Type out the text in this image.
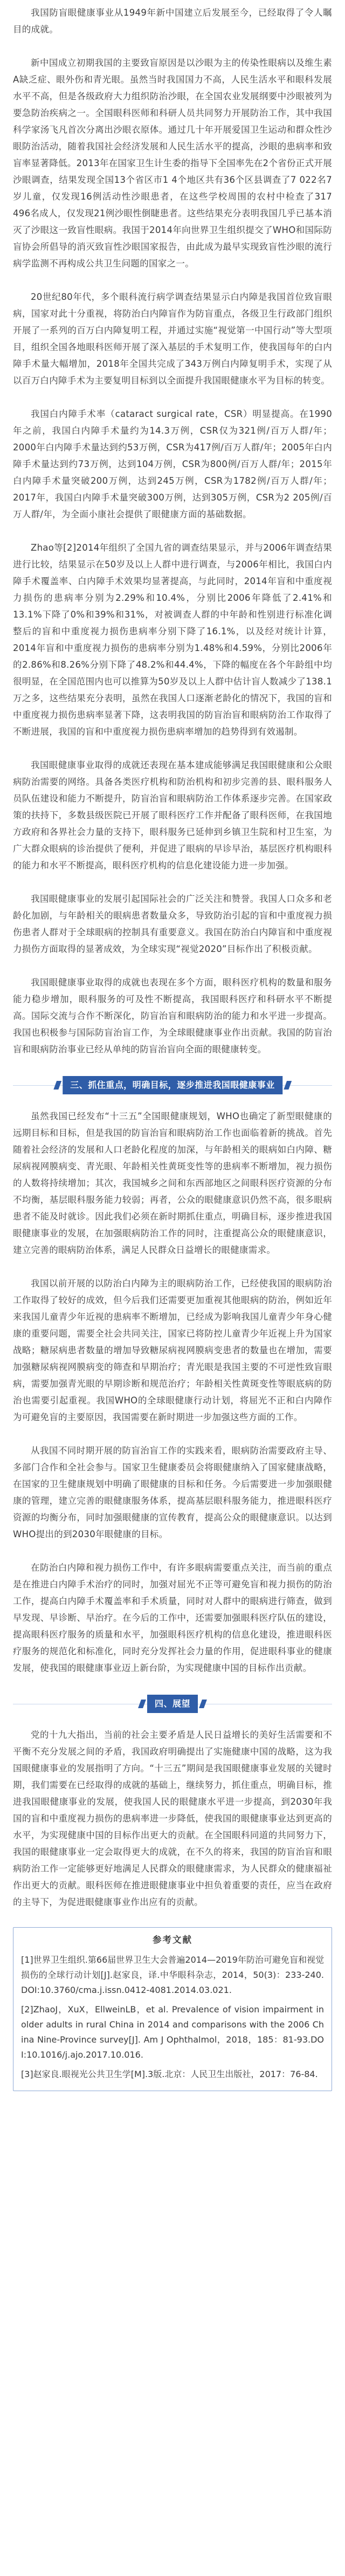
我国防盲眼健康事业从1949年新中国建立后发展至今，已经取得了令人瞩目的成就。

新中国成立初期我国的主要致盲原因是以沙眼为主的传染性眼病以及维生素A缺乏症、眼外伤和青光眼。虽然当时我国国力不高，人民生活水平和眼科发展水平不高，但是各级政府大力组织防治沙眼，在全国农业发展纲要中沙眼被列为要急防治疾病之一。全国眼科医师和科研人员共同努力开展防治工作，其中我国科学家汤飞凡首次分离出沙眼衣原体。通过几十年开展爱国卫生运动和群众性沙眼防治活动，随着我国社会经济发展和人民生活水平的提高，沙眼的患病率和致盲率显著降低。2013年在国家卫生计生委的指导下全国率先在2个省份正式开展沙眼调查，结果发现全国13个省区市1 4个地区共有36个区县调查了7 022名7岁儿童，仅发现16例活动性沙眼患者，在这些学校周围的农村中检查了317 496名成人，仅发现21例沙眼性倒睫患者。这些结果充分表明我国几乎已基本消灭了沙眼这一致盲性眼病。我国于2014年向世界卫生组织提交了WHO和国际防盲协会所倡导的消灭致盲性沙眼国家报告，由此成为最早实现致盲性沙眼的流行病学监测不再构成公共卫生问题的国家之一。

20世纪80年代，多个眼科流行病学调查结果显示白内障是我国首位致盲眼病，国家对此十分重视，将防治白内障盲作为防盲重点，各级卫生行政部门组织开展了一系列的百万白内障复明工程，并通过实施“视觉第一中国行动”等大型项目，组织全国各地眼科医师开展了深入基层的手术复明工作，使我国每年的白内障手术量大幅增加，2018年全国共完成了343万例白内障复明手术，实现了从以百万白内障手术为主要复明目标到以全面提升我国眼健康水平为目标的转变。

我国白内障手术率（cataract surgical rate，CSR）明显提高。在1990年之前，我国白内障手术量约为14.3万例，CSR仅为321例/百万人群/年；2000年白内障手术量达到约53万例，CSR为417例/百万人群/年；2005年白内障手术量达到约73万例，达到104万例，CSR为800例/百万人群/年；2015年白内障手术量突破200万例，达到245万例，CSR为1782例/百万人群/年；2017年，我国白内障手术量突破300万例，达到305万例，CSR为2 205例/百万人群/年，为全面小康社会提供了眼健康方面的基础数据。

Zhao等[2]2014年组织了全国九省的调查结果显示，并与2006年调查结果进行比较，结果显示在50岁及以上人群中进行调查，与2006年相比，我国白内障手术覆盖率、白内障手术效果均显著提高，与此同时，2014年盲和中重度视力损伤的患病率分别为2.29%和10.4%，分别比2006年降低了2.41%和13.1%下降了0%和39%和31%，对被调查人群的中年龄和性别进行标准化调整后的盲和中重度视力损伤患病率分别下降了16.1%，以及经对统计计算，2014年盲和中重度视力损伤的患病率分别为1.48%和4.59%，分别比2006年的2.86%和8.26%分别下降了48.2%和44.4%，下降的幅度在各个年龄组中均很明显，在全国范围内也可以推算为50岁及以上人群中估计盲人数减少了138.1万之多，这些结果充分表明，虽然在我国人口逐渐老龄化的情况下，我国的盲和中重度视力损伤患病率显著下降，这表明我国的防盲治盲和眼病防治工作取得了不断进展，我国的盲和中重度视力损伤患病率增加的趋势得到有效遏制。

我国眼健康事业取得的成就还表现在基本建成能够满足我国眼健康和公众眼病防治需要的网络。具备各类医疗机构和防治机构和初步完善的县、眼科服务人员队伍建设和能力不断提升，防盲治盲和眼病防治工作体系逐步完善。在国家政策的扶持下，多数县级医院已开展了眼科医疗工作并配备了眼科医师，在我国地方政府和各界社会力量的支持下，眼科服务已延伸到乡镇卫生院和村卫生室，为广大群众眼病的诊治提供了便利，并促进了眼病的早诊早治，基层医疗机构眼科的能力和水平不断提高，眼科医疗机构的信息化建设能力进一步加强。

我国眼健康事业的发展引起国际社会的广泛关注和赞誉。我国人口众多和老龄化加剧，与年龄相关的眼病患者数量众多，导致防治引起的盲和中重度视力损伤患者人群对于全球眼病的控制具有重要意义。我国在防治白内障盲和中重度视力损伤方面取得的显著成效，为全球实现“视觉2020”目标作出了积极贡献。

我国眼健康事业取得的成就也表现在多个方面，眼科医疗机构的数量和服务能力稳步增加，眼科服务的可及性不断提高，我国眼科医疗和科研水平不断提高。国际交流与合作不断深化，防盲治盲和眼病防治的能力和水平进一步提高。我国也积极参与国际防盲治盲工作，为全球眼健康事业作出贡献。我国的防盲治盲和眼病防治事业已经从单纯的防盲治盲向全面的眼健康转变。

三、抓住重点，明确目标，逐步推进我国眼健康事业

虽然我国已经发布“十三五”全国眼健康规划，WHO也确定了新型眼健康的远期目标和目标，但是我国的防盲治盲和眼病防治工作也面临着新的挑战。首先随着社会经济的发展和人口老龄化程度的加深，与年龄相关的眼病如白内障、糖尿病视网膜病变、青光眼、年龄相关性黄斑变性等的患病率不断增加，视力损伤的人数将持续增加；其次，我国城乡之间和东西部地区之间眼科医疗资源的分布不均衡，基层眼科服务能力较弱；再者，公众的眼健康意识仍然不高，很多眼病患者不能及时就诊。因此我们必须在新时期抓住重点，明确目标，逐步推进我国眼健康事业的发展，在加强眼病防治工作的同时，注重提高公众的眼健康意识，建立完善的眼病防治体系，满足人民群众日益增长的眼健康需求。

我国以前开展的以防治白内障为主的眼病防治工作，已经使我国的眼病防治工作取得了较好的成效，但今后我们还需要更加重视其他眼病的防治，例如近年来我国儿童青少年近视的患病率不断增加，已经成为影响我国儿童青少年身心健康的重要问题，需要全社会共同关注，国家已将防控儿童青少年近视上升为国家战略；糖尿病患者数量的增加导致糖尿病视网膜病变患者的数量也在增加，需要加强糖尿病视网膜病变的筛查和早期治疗；青光眼是我国主要的不可逆性致盲眼病，需要加强青光眼的早期诊断和规范治疗；年龄相关性黄斑变性等眼底病的防治也需要引起重视。我国WHO的全球眼健康行动计划，将屈光不正和白内障作为可避免盲的主要原因，我国需要在新时期进一步加强这些方面的工作。

从我国不同时期开展的防盲治盲工作的实践来看，眼病防治需要政府主导、多部门合作和全社会参与。国家卫生健康委员会将眼健康纳入了国家健康战略，在国家的卫生健康规划中明确了眼健康的目标和任务。今后需要进一步加强眼健康的管理，建立完善的眼健康服务体系，提高基层眼科服务能力，推进眼科医疗资源的均衡分布，同时加强眼健康的宣传教育，提高公众的眼健康意识。以达到WHO提出的到2030年眼健康的目标。

在防治白内障和视力损伤工作中，有许多眼病需要重点关注，而当前的重点是在推进白内障手术治疗的同时，加强对屈光不正等可避免盲和视力损伤的防治工作，提高白内障手术覆盖率和手术质量，同时对人群中的眼病进行筛查，做到早发现、早诊断、早治疗。在今后的工作中，还需要加强眼科医疗队伍的建设，提高眼科医疗服务的质量和水平，加强眼科医疗机构的信息化建设，推进眼科医疗服务的规范化和标准化，同时充分发挥社会力量的作用，促进眼科事业的健康发展，使我国的眼健康事业迈上新台阶，为实现健康中国的目标作出贡献。

四、展望

党的十九大指出，当前的社会主要矛盾是人民日益增长的美好生活需要和不平衡不充分发展之间的矛盾，我国政府明确提出了实施健康中国的战略，这为我国眼健康事业的发展指明了方向。“十三五”期间是我国眼健康事业发展的关键时期，我们需要在已经取得的成就的基础上，继续努力，抓住重点，明确目标，推进我国眼健康事业的发展，使我国人民的眼健康水平进一步提高，到2030年我国的盲和中重度视力损伤的患病率进一步降低，使我国的眼健康事业达到更高的水平，为实现健康中国的目标作出更大的贡献。在全国眼科同道的共同努力下，我国的眼健康事业一定会取得更大的成就，在不久的将来，我国的防盲治盲和眼病防治工作一定能够更好地满足人民群众的眼健康需求，为人民群众的健康福祉作出更大的贡献。眼科医师在推进眼健康事业中担负着重要的责任，应当在政府的主导下，为促进眼健康事业作出应有的贡献。

参考文献
[1]世界卫生组织.第66届世界卫生大会普遍2014—2019年防治可避免盲和视觉损伤的全球行动计划[J].赵家良，译.中华眼科杂志，2014，50(3)：233-240.DOI:10.3760/cma.j.issn.0412-4081.2014.03.021.
[2]ZhaoJ，XuX，EllweinLB，et al. Prevalence of vision impairment in older adults in rural China in 2014 and comparisons with the 2006 China Nine-Province survey[J]. Am J Ophthalmol，2018，185：81-93.DOI:10.1016/j.ajo.2017.10.016.
[3]赵家良.眼视光公共卫生学[M].3版.北京：人民卫生出版社，2017：76-84.
